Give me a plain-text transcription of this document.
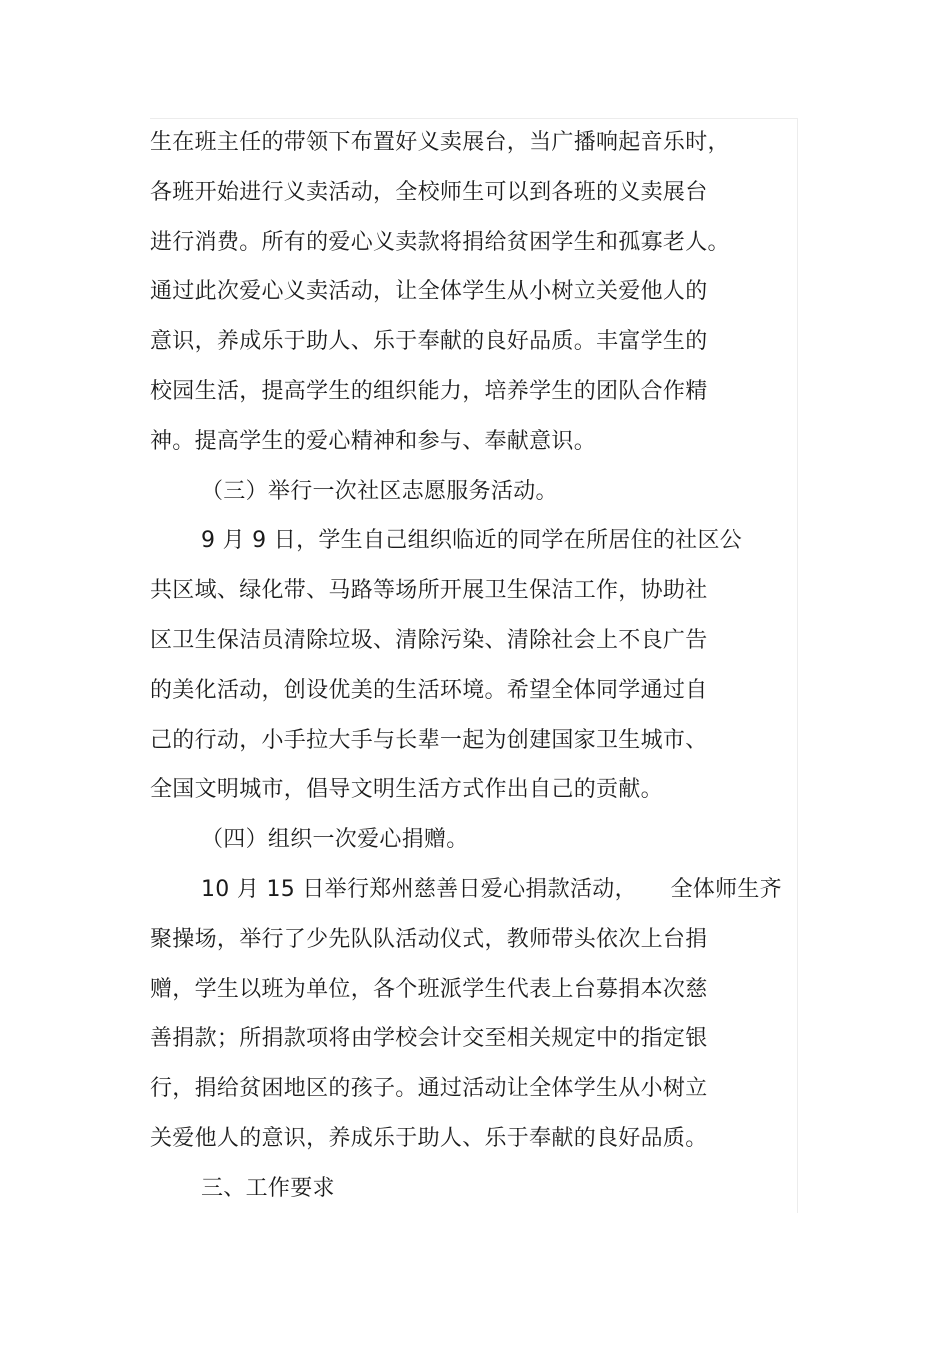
生在班主任的带领下布置好义卖展台，当广播响起音乐时，
各班开始进行义卖活动，全校师生可以到各班的义卖展台
进行消费。所有的爱心义卖款将捐给贫困学生和孤寡老人。
通过此次爱心义卖活动，让全体学生从小树立关爱他人的
意识，养成乐于助人、乐于奉献的良好品质。丰富学生的
校园生活，提高学生的组织能力，培养学生的团队合作精
神。提高学生的爱心精神和参与、奉献意识。
（三）举行一次社区志愿服务活动。
9 月 9 日，学生自己组织临近的同学在所居住的社区公
共区域、绿化带、马路等场所开展卫生保洁工作，协助社
区卫生保洁员清除垃圾、清除污染、清除社会上不良广告
的美化活动，创设优美的生活环境。希望全体同学通过自
己的行动，小手拉大手与长辈一起为创建国家卫生城市、
全国文明城市，倡导文明生活方式作出自己的贡献。
（四）组织一次爱心捐赠。
10 月 15 日举行郑州慈善日爱心捐款活动，　　全体师生齐
聚操场，举行了少先队队活动仪式，教师带头依次上台捐
赠，学生以班为单位，各个班派学生代表上台募捐本次慈
善捐款；所捐款项将由学校会计交至相关规定中的指定银
行，捐给贫困地区的孩子。通过活动让全体学生从小树立
关爱他人的意识，养成乐于助人、乐于奉献的良好品质。
三、工作要求
